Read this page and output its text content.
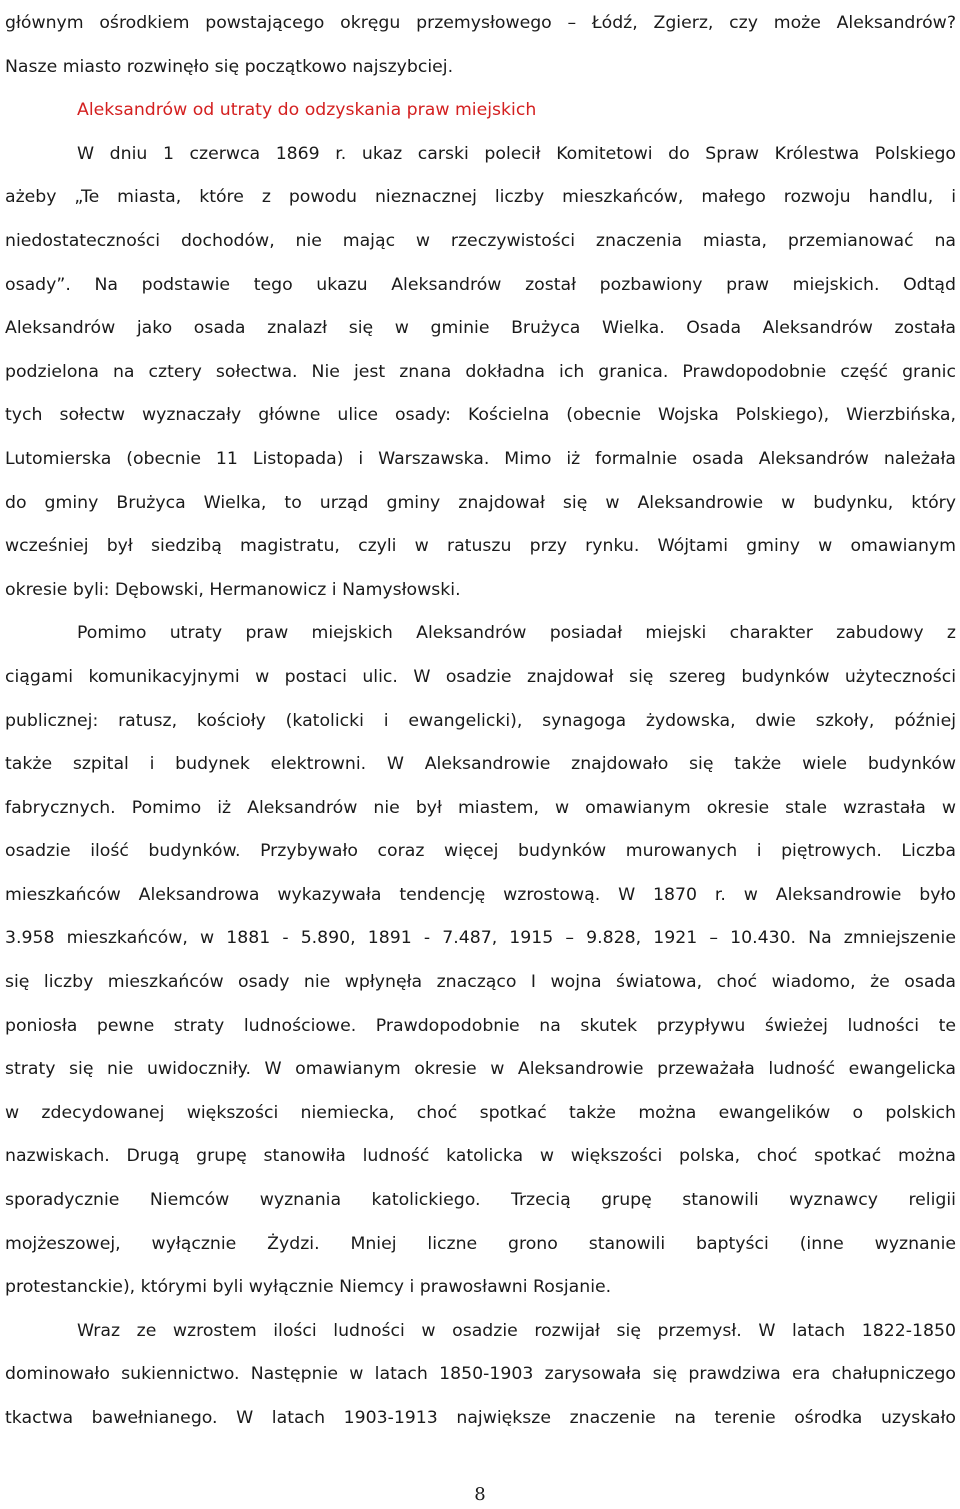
głównym ośrodkiem powstającego okręgu przemysłowego – Łódź, Zgierz, czy może Aleksandrów?
Nasze miasto rozwinęło się początkowo najszybciej.
Aleksandrów od utraty do odzyskania praw miejskich
W dniu 1 czerwca 1869 r. ukaz carski polecił Komitetowi do Spraw Królestwa Polskiego
ażeby „Te miasta, które z powodu nieznacznej liczby mieszkańców, małego rozwoju handlu, i
niedostateczności dochodów, nie mając w rzeczywistości znaczenia miasta, przemianować na
osady”. Na podstawie tego ukazu Aleksandrów został pozbawiony praw miejskich. Odtąd
Aleksandrów jako osada znalazł się w gminie Brużyca Wielka. Osada Aleksandrów została
podzielona na cztery sołectwa. Nie jest znana dokładna ich granica. Prawdopodobnie część granic
tych sołectw wyznaczały główne ulice osady: Kościelna (obecnie Wojska Polskiego), Wierzbińska,
Lutomierska (obecnie 11 Listopada) i Warszawska. Mimo iż formalnie osada Aleksandrów należała
do gminy Brużyca Wielka, to urząd gminy znajdował się w Aleksandrowie w budynku, który
wcześniej był siedzibą magistratu, czyli w ratuszu przy rynku. Wójtami gminy w omawianym
okresie byli: Dębowski, Hermanowicz i Namysłowski.
Pomimo utraty praw miejskich Aleksandrów posiadał miejski charakter zabudowy z
ciągami komunikacyjnymi w postaci ulic. W osadzie znajdował się szereg budynków użyteczności
publicznej: ratusz, kościoły (katolicki i ewangelicki), synagoga żydowska, dwie szkoły, później
także szpital i budynek elektrowni. W Aleksandrowie znajdowało się także wiele budynków
fabrycznych. Pomimo iż Aleksandrów nie był miastem, w omawianym okresie stale wzrastała w
osadzie ilość budynków. Przybywało coraz więcej budynków murowanych i piętrowych. Liczba
mieszkańców Aleksandrowa wykazywała tendencję wzrostową. W 1870 r. w Aleksandrowie było
3.958 mieszkańców, w 1881 - 5.890, 1891 - 7.487, 1915 – 9.828, 1921 – 10.430. Na zmniejszenie
się liczby mieszkańców osady nie wpłynęła znacząco I wojna światowa, choć wiadomo, że osada
poniosła pewne straty ludnościowe. Prawdopodobnie na skutek przypływu świeżej ludności te
straty się nie uwidoczniły. W omawianym okresie w Aleksandrowie przeważała ludność ewangelicka
w zdecydowanej większości niemiecka, choć spotkać także można ewangelików o polskich
nazwiskach. Drugą grupę stanowiła ludność katolicka w większości polska, choć spotkać można
sporadycznie Niemców wyznania katolickiego. Trzecią grupę stanowili wyznawcy religii
mojżeszowej, wyłącznie Żydzi. Mniej liczne grono stanowili baptyści (inne wyznanie
protestanckie), którymi byli wyłącznie Niemcy i prawosławni Rosjanie.
Wraz ze wzrostem ilości ludności w osadzie rozwijał się przemysł. W latach 1822-1850
dominowało sukiennictwo. Następnie w latach 1850-1903 zarysowała się prawdziwa era chałupniczego
tkactwa bawełnianego. W latach 1903-1913 największe znaczenie na terenie ośrodka uzyskało
8
